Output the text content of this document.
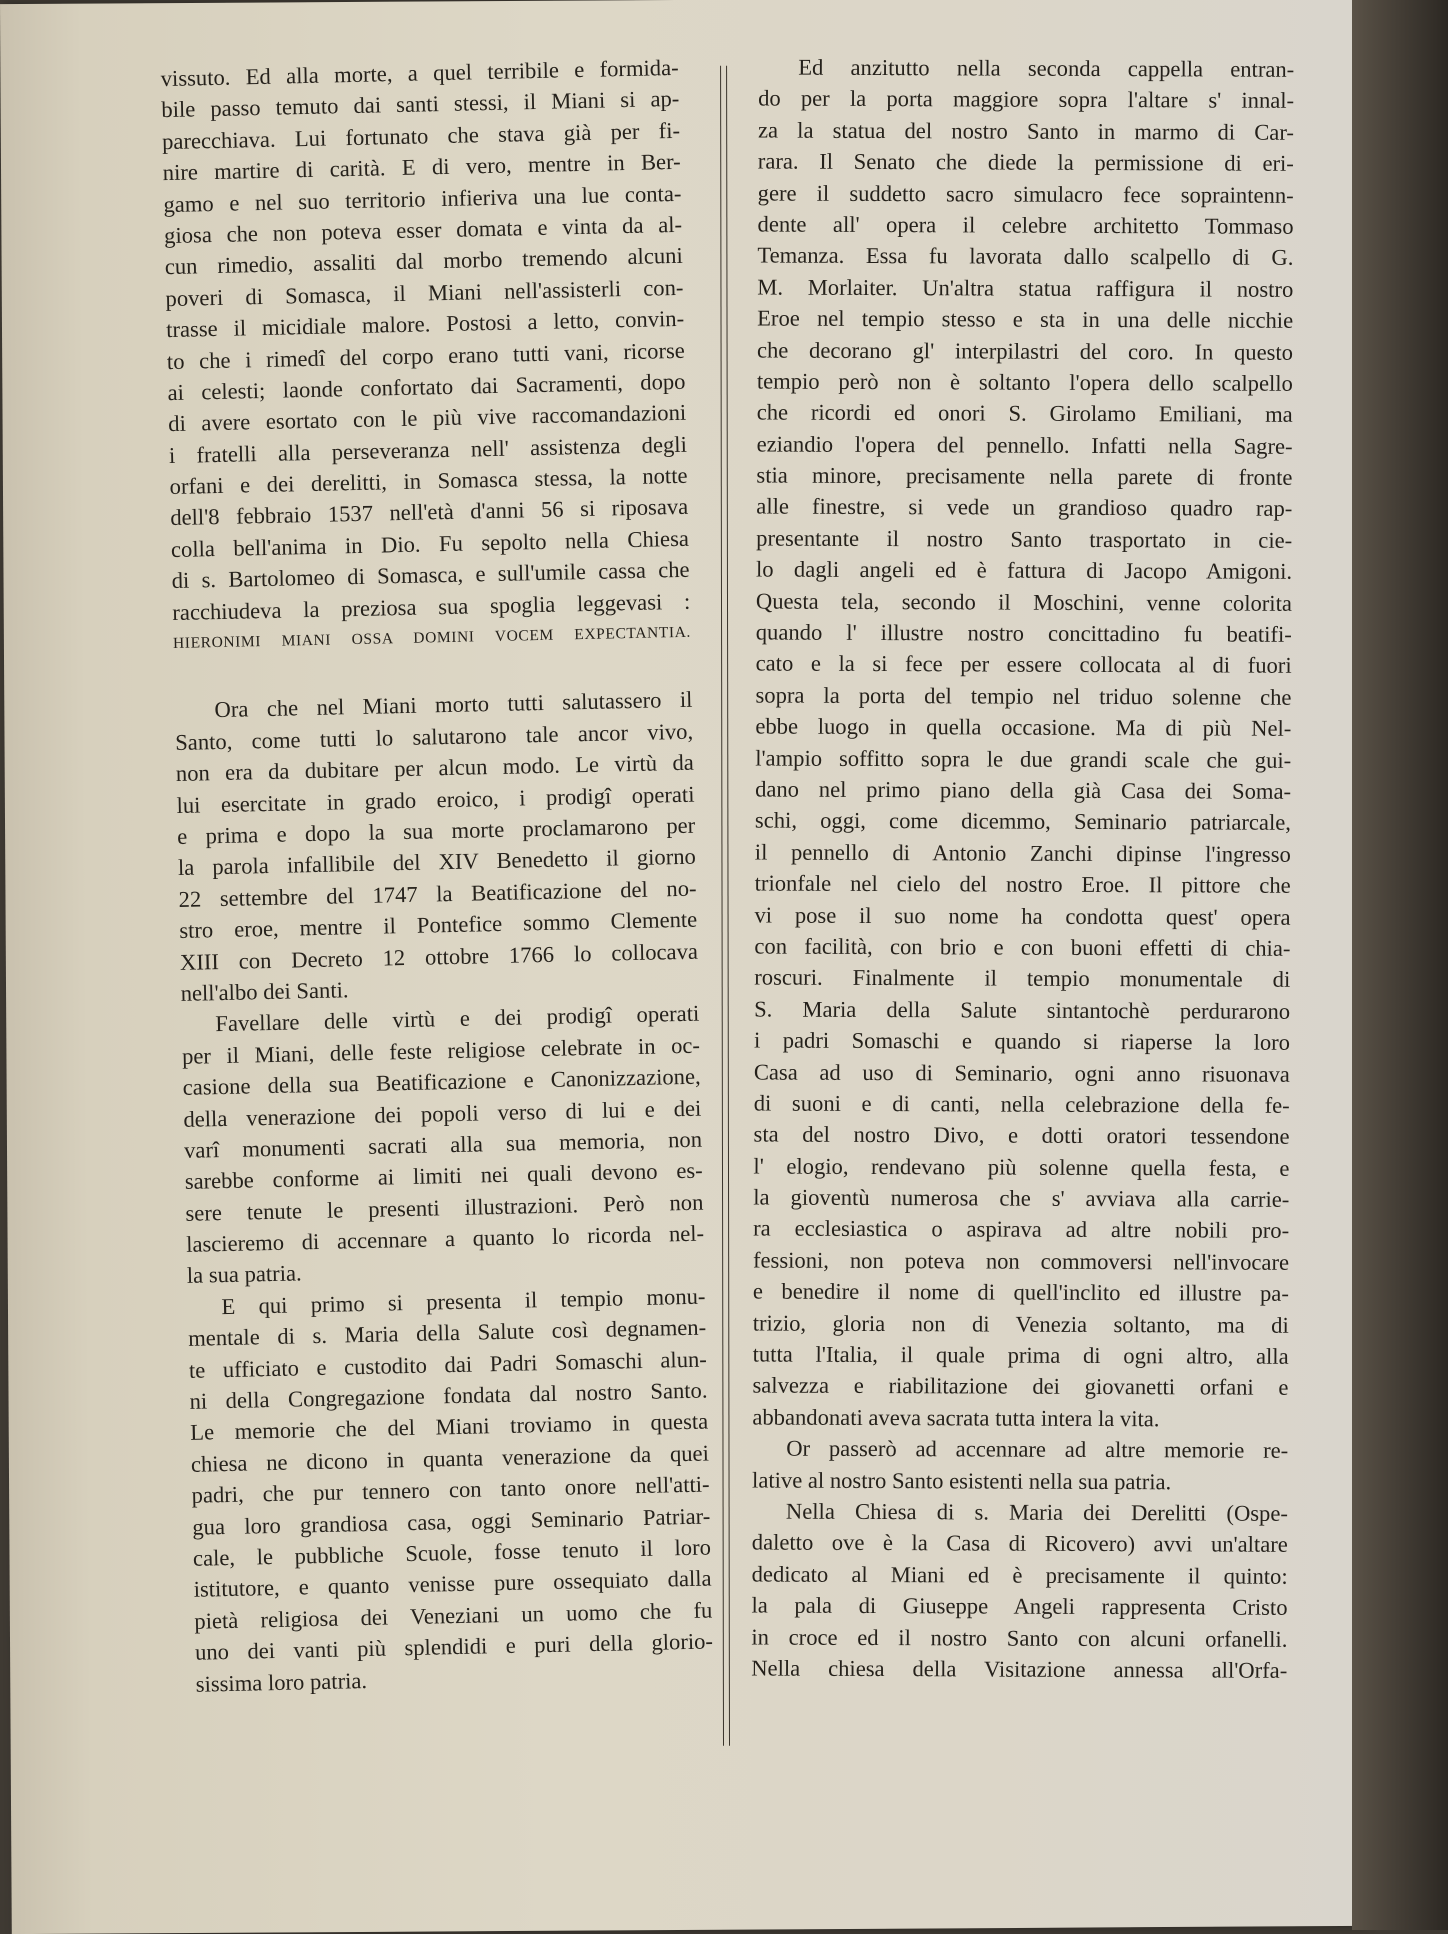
vissuto. Ed alla morte, a quel terribile e formida-
bile passo temuto dai santi stessi, il Miani si ap-
parecchiava. Lui fortunato che stava già per fi-
nire martire di carità. E di vero, mentre in Ber-
gamo e nel suo territorio infieriva una lue conta-
giosa che non poteva esser domata e vinta da al-
cun rimedio, assaliti dal morbo tremendo alcuni
poveri di Somasca, il Miani nell'assisterli con-
trasse il micidiale malore. Postosi a letto, convin-
to che i rimedî del corpo erano tutti vani, ricorse
ai celesti; laonde confortato dai Sacramenti, dopo
di avere esortato con le più vive raccomandazioni
i fratelli alla perseveranza nell' assistenza degli
orfani e dei derelitti, in Somasca stessa, la notte
dell'8 febbraio 1537 nell'età d'anni 56 si riposava
colla bell'anima in Dio. Fu sepolto nella Chiesa
di s. Bartolomeo di Somasca, e sull'umile cassa che
racchiudeva la preziosa sua spoglia leggevasi :
HIERONIMI MIANI OSSA DOMINI VOCEM EXPECTANTIA.
Ora che nel Miani morto tutti salutassero il
Santo, come tutti lo salutarono tale ancor vivo,
non era da dubitare per alcun modo. Le virtù da
lui esercitate in grado eroico, i prodigî operati
e prima e dopo la sua morte proclamarono per
la parola infallibile del XIV Benedetto il giorno
22 settembre del 1747 la Beatificazione del no-
stro eroe, mentre il Pontefice sommo Clemente
XIII con Decreto 12 ottobre 1766 lo collocava
nell'albo dei Santi.
Favellare delle virtù e dei prodigî operati
per il Miani, delle feste religiose celebrate in oc-
casione della sua Beatificazione e Canonizzazione,
della venerazione dei popoli verso di lui e dei
varî monumenti sacrati alla sua memoria, non
sarebbe conforme ai limiti nei quali devono es-
sere tenute le presenti illustrazioni. Però non
lascieremo di accennare a quanto lo ricorda nel-
la sua patria.
E qui primo si presenta il tempio monu-
mentale di s. Maria della Salute così degnamen-
te ufficiato e custodito dai Padri Somaschi alun-
ni della Congregazione fondata dal nostro Santo.
Le memorie che del Miani troviamo in questa
chiesa ne dicono in quanta venerazione da quei
padri, che pur tennero con tanto onore nell'atti-
gua loro grandiosa casa, oggi Seminario Patriar-
cale, le pubbliche Scuole, fosse tenuto il loro
istitutore, e quanto venisse pure ossequiato dalla
pietà religiosa dei Veneziani un uomo che fu
uno dei vanti più splendidi e puri della glorio-
sissima loro patria.
Ed anzitutto nella seconda cappella entran-
do per la porta maggiore sopra l'altare s' innal-
za la statua del nostro Santo in marmo di Car-
rara. Il Senato che diede la permissione di eri-
gere il suddetto sacro simulacro fece sopraintenn-
dente all' opera il celebre architetto Tommaso
Temanza. Essa fu lavorata dallo scalpello di G.
M. Morlaiter. Un'altra statua raffigura il nostro
Eroe nel tempio stesso e sta in una delle nicchie
che decorano gl' interpilastri del coro. In questo
tempio però non è soltanto l'opera dello scalpello
che ricordi ed onori S. Girolamo Emiliani, ma
eziandio l'opera del pennello. Infatti nella Sagre-
stia minore, precisamente nella parete di fronte
alle finestre, si vede un grandioso quadro rap-
presentante il nostro Santo trasportato in cie-
lo dagli angeli ed è fattura di Jacopo Amigoni.
Questa tela, secondo il Moschini, venne colorita
quando l' illustre nostro concittadino fu beatifi-
cato e la si fece per essere collocata al di fuori
sopra la porta del tempio nel triduo solenne che
ebbe luogo in quella occasione. Ma di più Nel-
l'ampio soffitto sopra le due grandi scale che gui-
dano nel primo piano della già Casa dei Soma-
schi, oggi, come dicemmo, Seminario patriarcale,
il pennello di Antonio Zanchi dipinse l'ingresso
trionfale nel cielo del nostro Eroe. Il pittore che
vi pose il suo nome ha condotta quest' opera
con facilità, con brio e con buoni effetti di chia-
roscuri. Finalmente il tempio monumentale di
S. Maria della Salute sintantochè perdurarono
i padri Somaschi e quando si riaperse la loro
Casa ad uso di Seminario, ogni anno risuonava
di suoni e di canti, nella celebrazione della fe-
sta del nostro Divo, e dotti oratori tessendone
l' elogio, rendevano più solenne quella festa, e
la gioventù numerosa che s' avviava alla carrie-
ra ecclesiastica o aspirava ad altre nobili pro-
fessioni, non poteva non commoversi nell'invocare
e benedire il nome di quell'inclito ed illustre pa-
trizio, gloria non di Venezia soltanto, ma di
tutta l'Italia, il quale prima di ogni altro, alla
salvezza e riabilitazione dei giovanetti orfani e
abbandonati aveva sacrata tutta intera la vita.
Or passerò ad accennare ad altre memorie re-
lative al nostro Santo esistenti nella sua patria.
Nella Chiesa di s. Maria dei Derelitti (Ospe-
daletto ove è la Casa di Ricovero) avvi un'altare
dedicato al Miani ed è precisamente il quinto:
la pala di Giuseppe Angeli rappresenta Cristo
in croce ed il nostro Santo con alcuni orfanelli.
Nella chiesa della Visitazione annessa all'Orfa-
